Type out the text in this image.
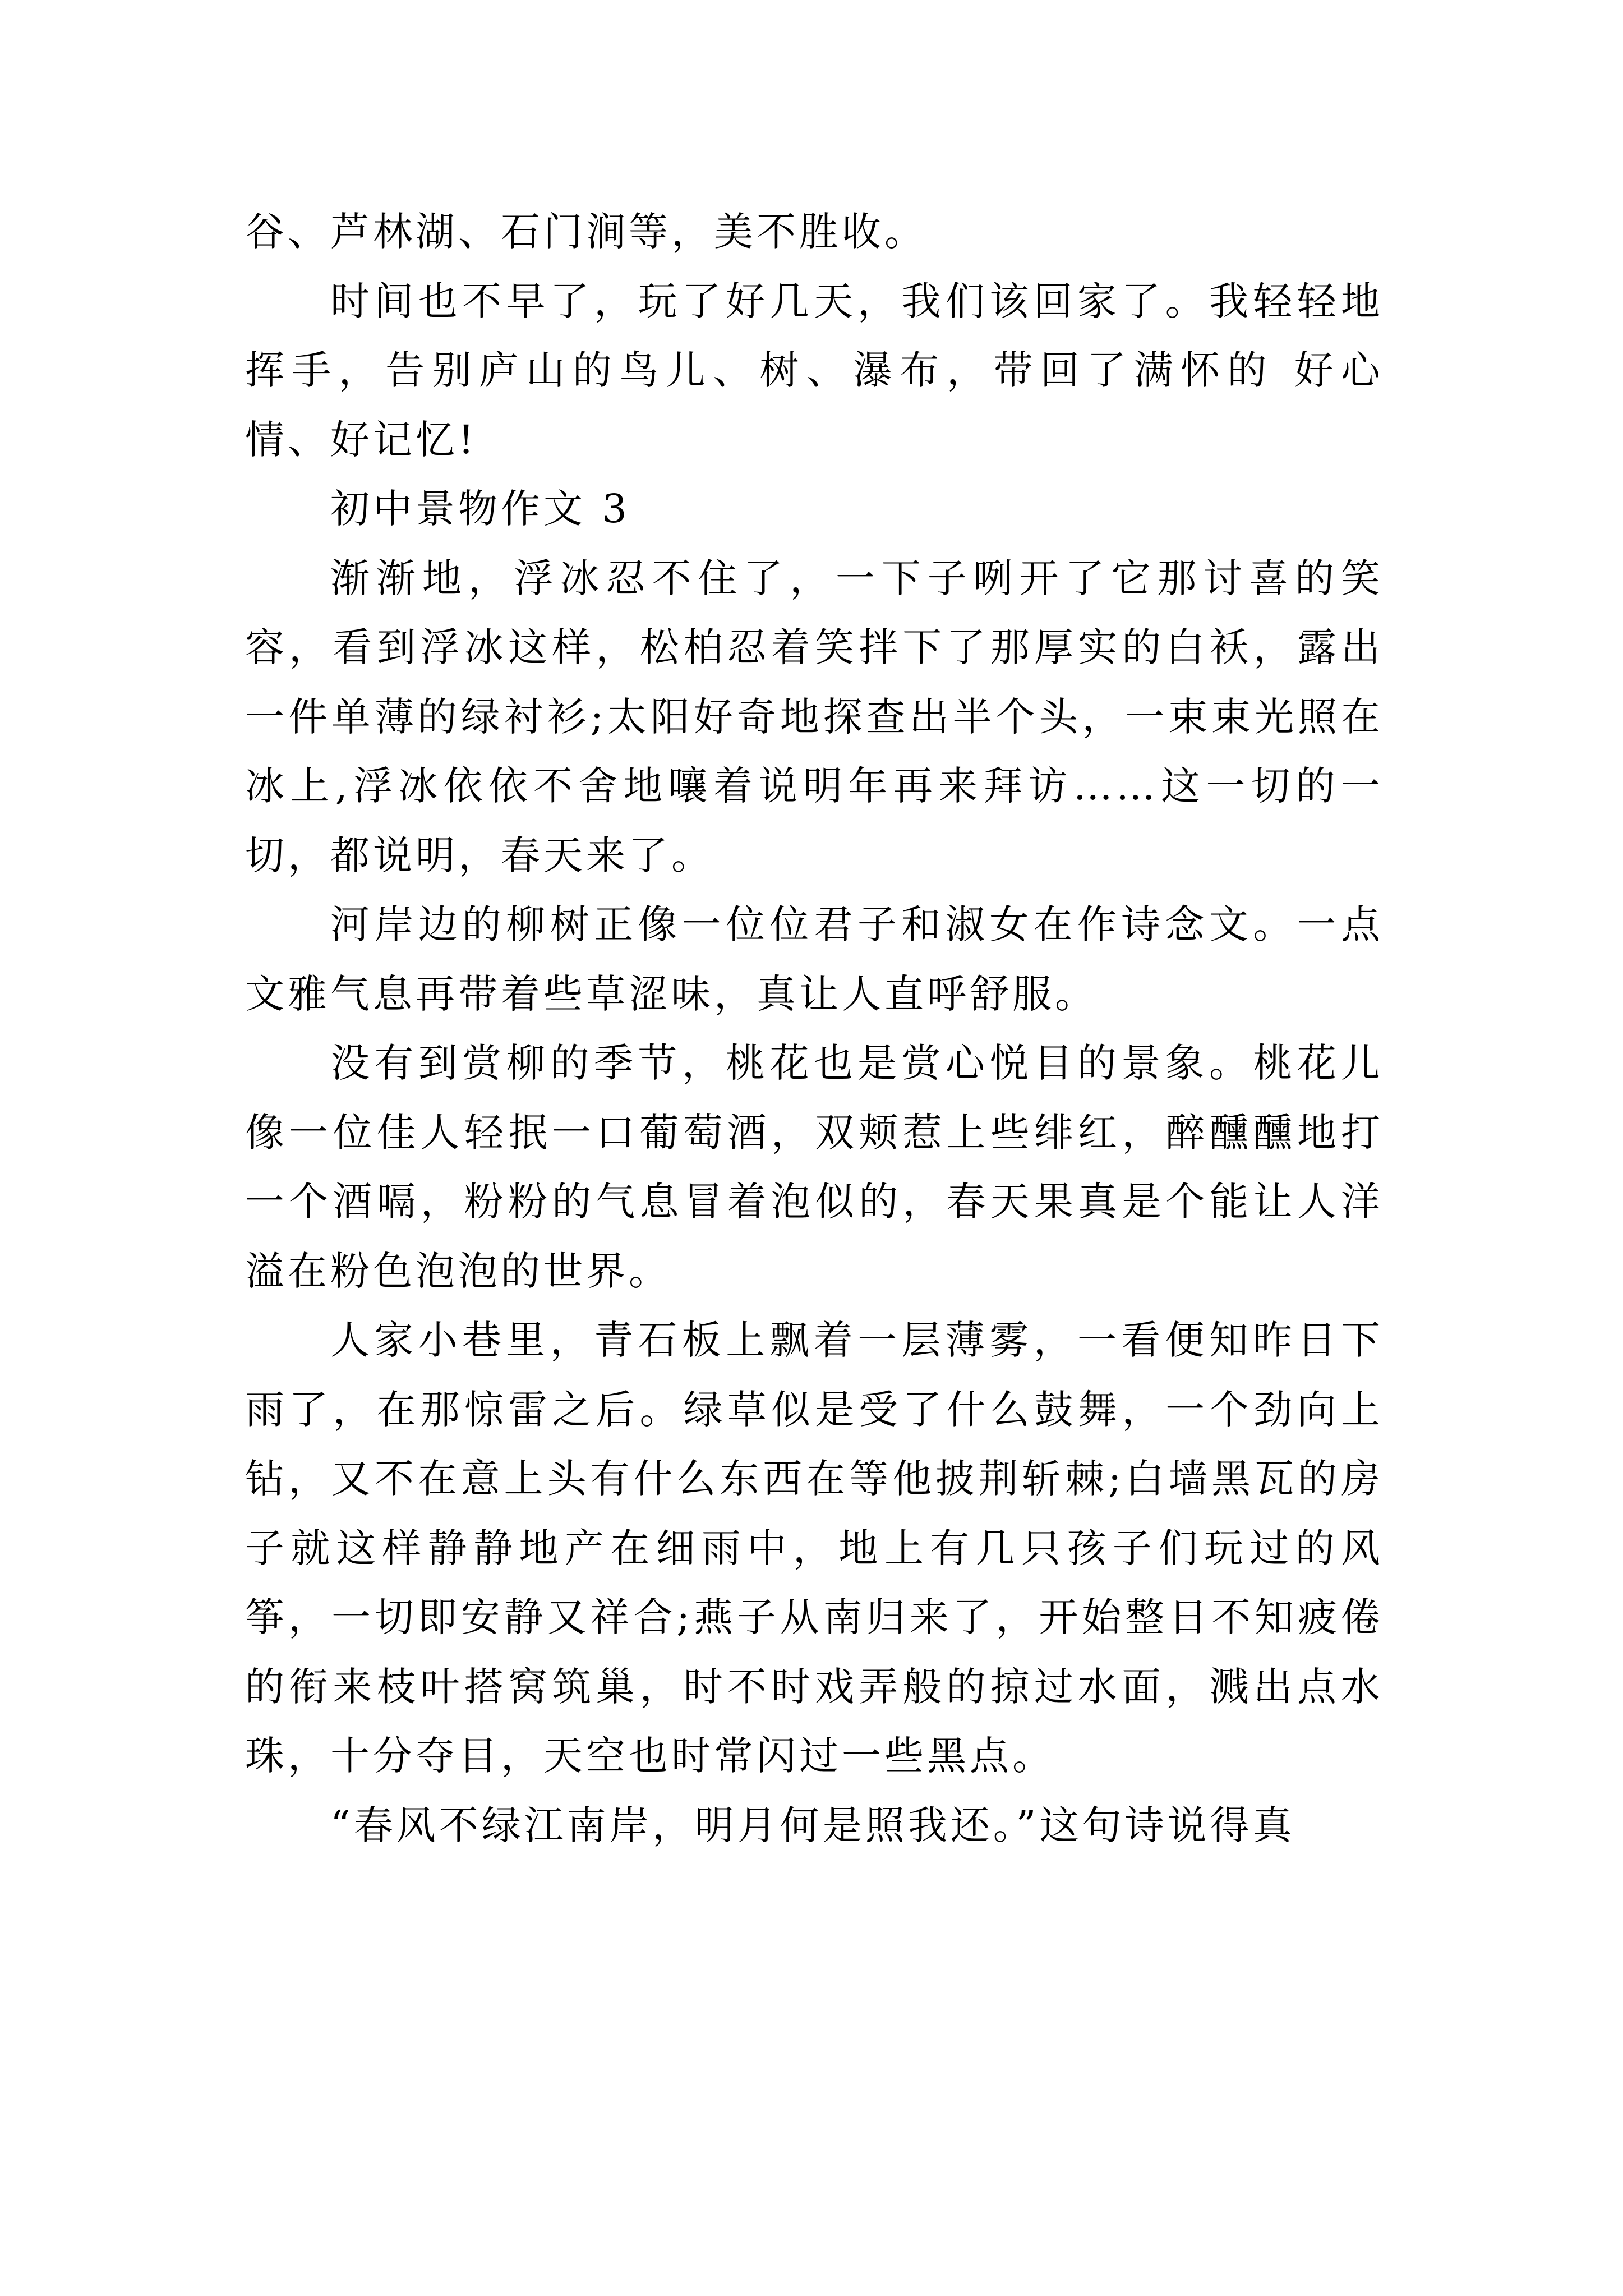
谷、芦林湖、石门涧等，美不胜收。

时间也不早了，玩了好几天，我们该回家了。我轻轻地挥手，告别庐山的鸟儿、树、瀑布，带回了满怀的 好心 情、好记忆!

初中景物作文 3

渐渐地，浮冰忍不住了，一下子咧开了它那讨喜的笑容，看到浮冰这样，松柏忍着笑拌下了那厚实的白袄，露出一件单薄的绿衬衫;太阳好奇地探查出半个头，一束束光照在冰上,浮冰依依不舍地嚷着说明年再来拜访……这一切的一切，都说明，春天来了。

河岸边的柳树正像一位位君子和淑女在作诗念文。一点文雅气息再带着些草涩味，真让人直呼舒服。

没有到赏柳的季节，桃花也是赏心悦目的景象。桃花儿像一位佳人轻抿一口葡萄酒，双颊惹上些绯红，醉醺醺地打一个酒嗝，粉粉的气息冒着泡似的，春天果真是个能让人洋溢在粉色泡泡的世界。

人家小巷里，青石板上飘着一层薄雾，一看便知昨日下雨了，在那惊雷之后。绿草似是受了什么鼓舞，一个劲向上钻，又不在意上头有什么东西在等他披荆斩棘;白墙黑瓦的房子就这样静静地产在细雨中，地上有几只孩子们玩过的风筝，一切即安静又祥合;燕子从南归来了，开始整日不知疲倦的衔来枝叶搭窝筑巢，时不时戏弄般的掠过水面，溅出点水珠，十分夺目，天空也时常闪过一些黑点。

“春风不绿江南岸，明月何是照我还。”这句诗说得真
